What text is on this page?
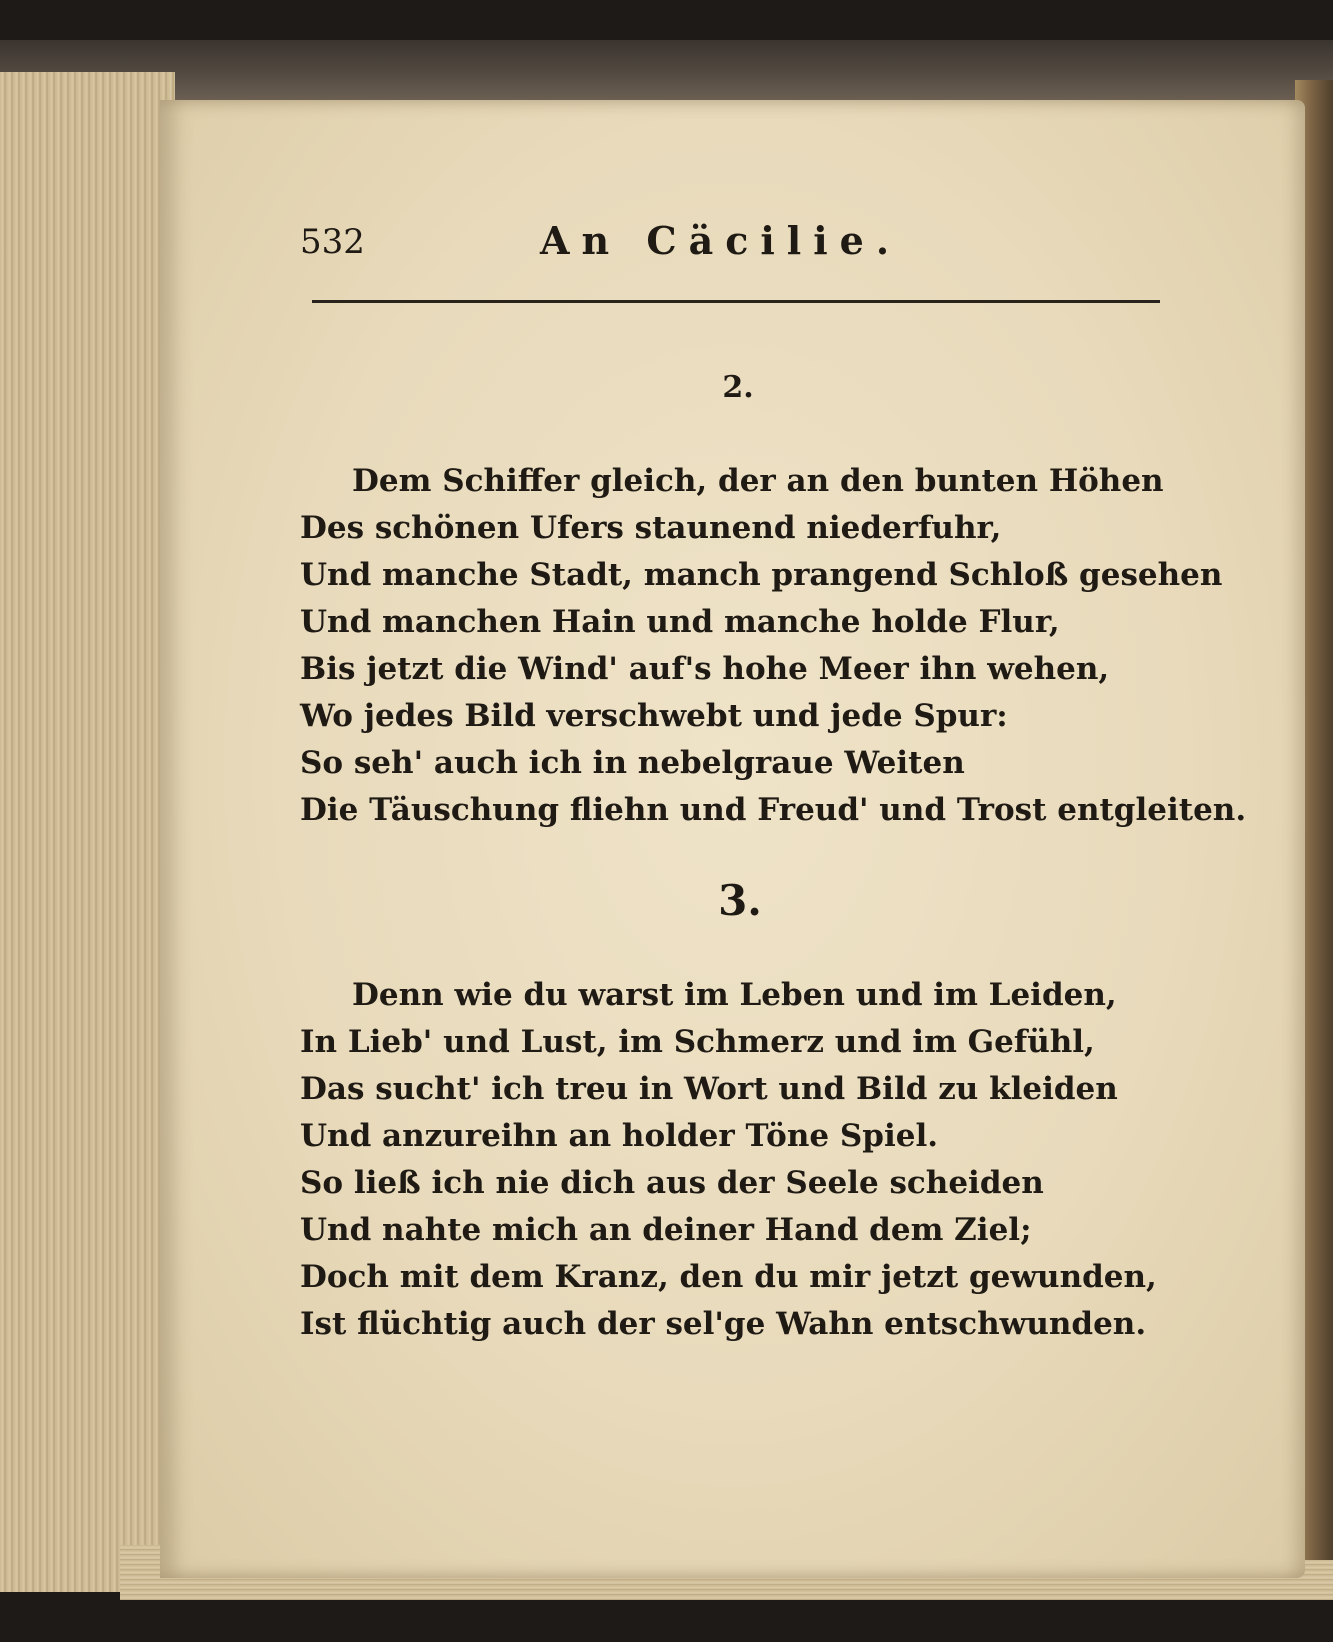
532	An Cäcilie.
2.
Dem Schiffer gleich, der an den bunten Höhen
Des schönen Ufers staunend niederfuhr,
Und manche Stadt, manch prangend Schloß gesehen
Und manchen Hain und manche holde Flur,
Bis jetzt die Wind' auf's hohe Meer ihn wehen,
Wo jedes Bild verschwebt und jede Spur:
So seh' auch ich in nebelgraue Weiten
Die Täuschung fliehn und Freud' und Trost entgleiten.
3.
Denn wie du warst im Leben und im Leiden,
In Lieb' und Lust, im Schmerz und im Gefühl,
Das sucht' ich treu in Wort und Bild zu kleiden
Und anzureihn an holder Töne Spiel.
So ließ ich nie dich aus der Seele scheiden
Und nahte mich an deiner Hand dem Ziel;
Doch mit dem Kranz, den du mir jetzt gewunden,
Ist flüchtig auch der sel'ge Wahn entschwunden.
